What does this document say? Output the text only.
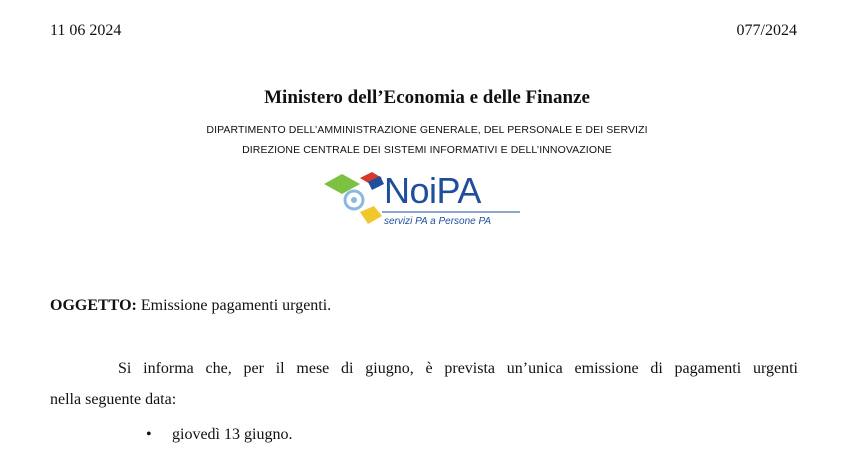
11 06 2024	077/2024
Ministero dell’Economia e delle Finanze
DIPARTIMENTO DELL’AMMINISTRAZIONE GENERALE, DEL PERSONALE E DEI SERVIZI
DIREZIONE CENTRALE DEI SISTEMI INFORMATIVI E DELL’INNOVAZIONE
NoiPA
servizi PA a Persone PA
OGGETTO: Emissione pagamenti urgenti.
Si informa che, per il mese di giugno, è prevista un’unica emissione di pagamenti urgenti
nella seguente data:
• giovedì 13 giugno.
